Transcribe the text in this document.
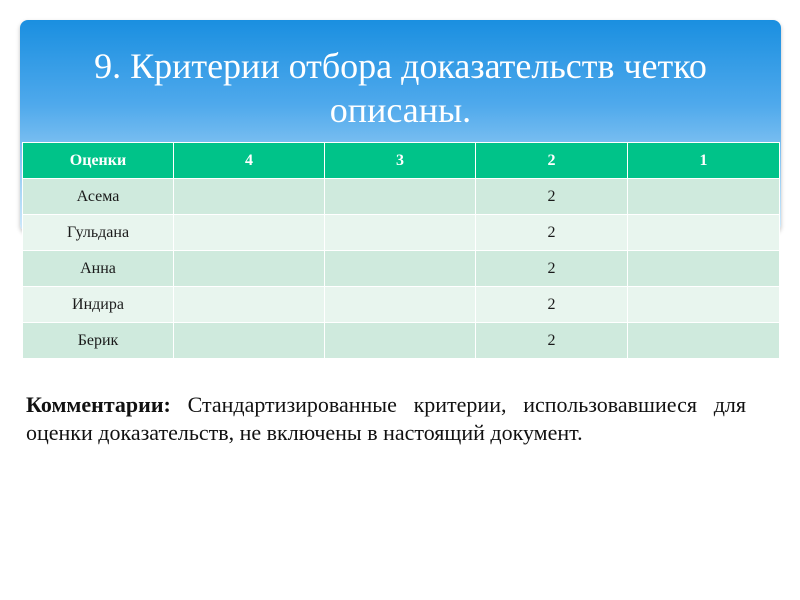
9. Критерии отбора доказательств четко описаны.
Оценки	4	3	2	1
Асема			2	
Гульдана			2	
Анна			2	
Индира			2	
Берик			2	

Комментарии: Стандартизированные критерии, использовавшиеся для оценки доказательств, не включены в настоящий документ.
